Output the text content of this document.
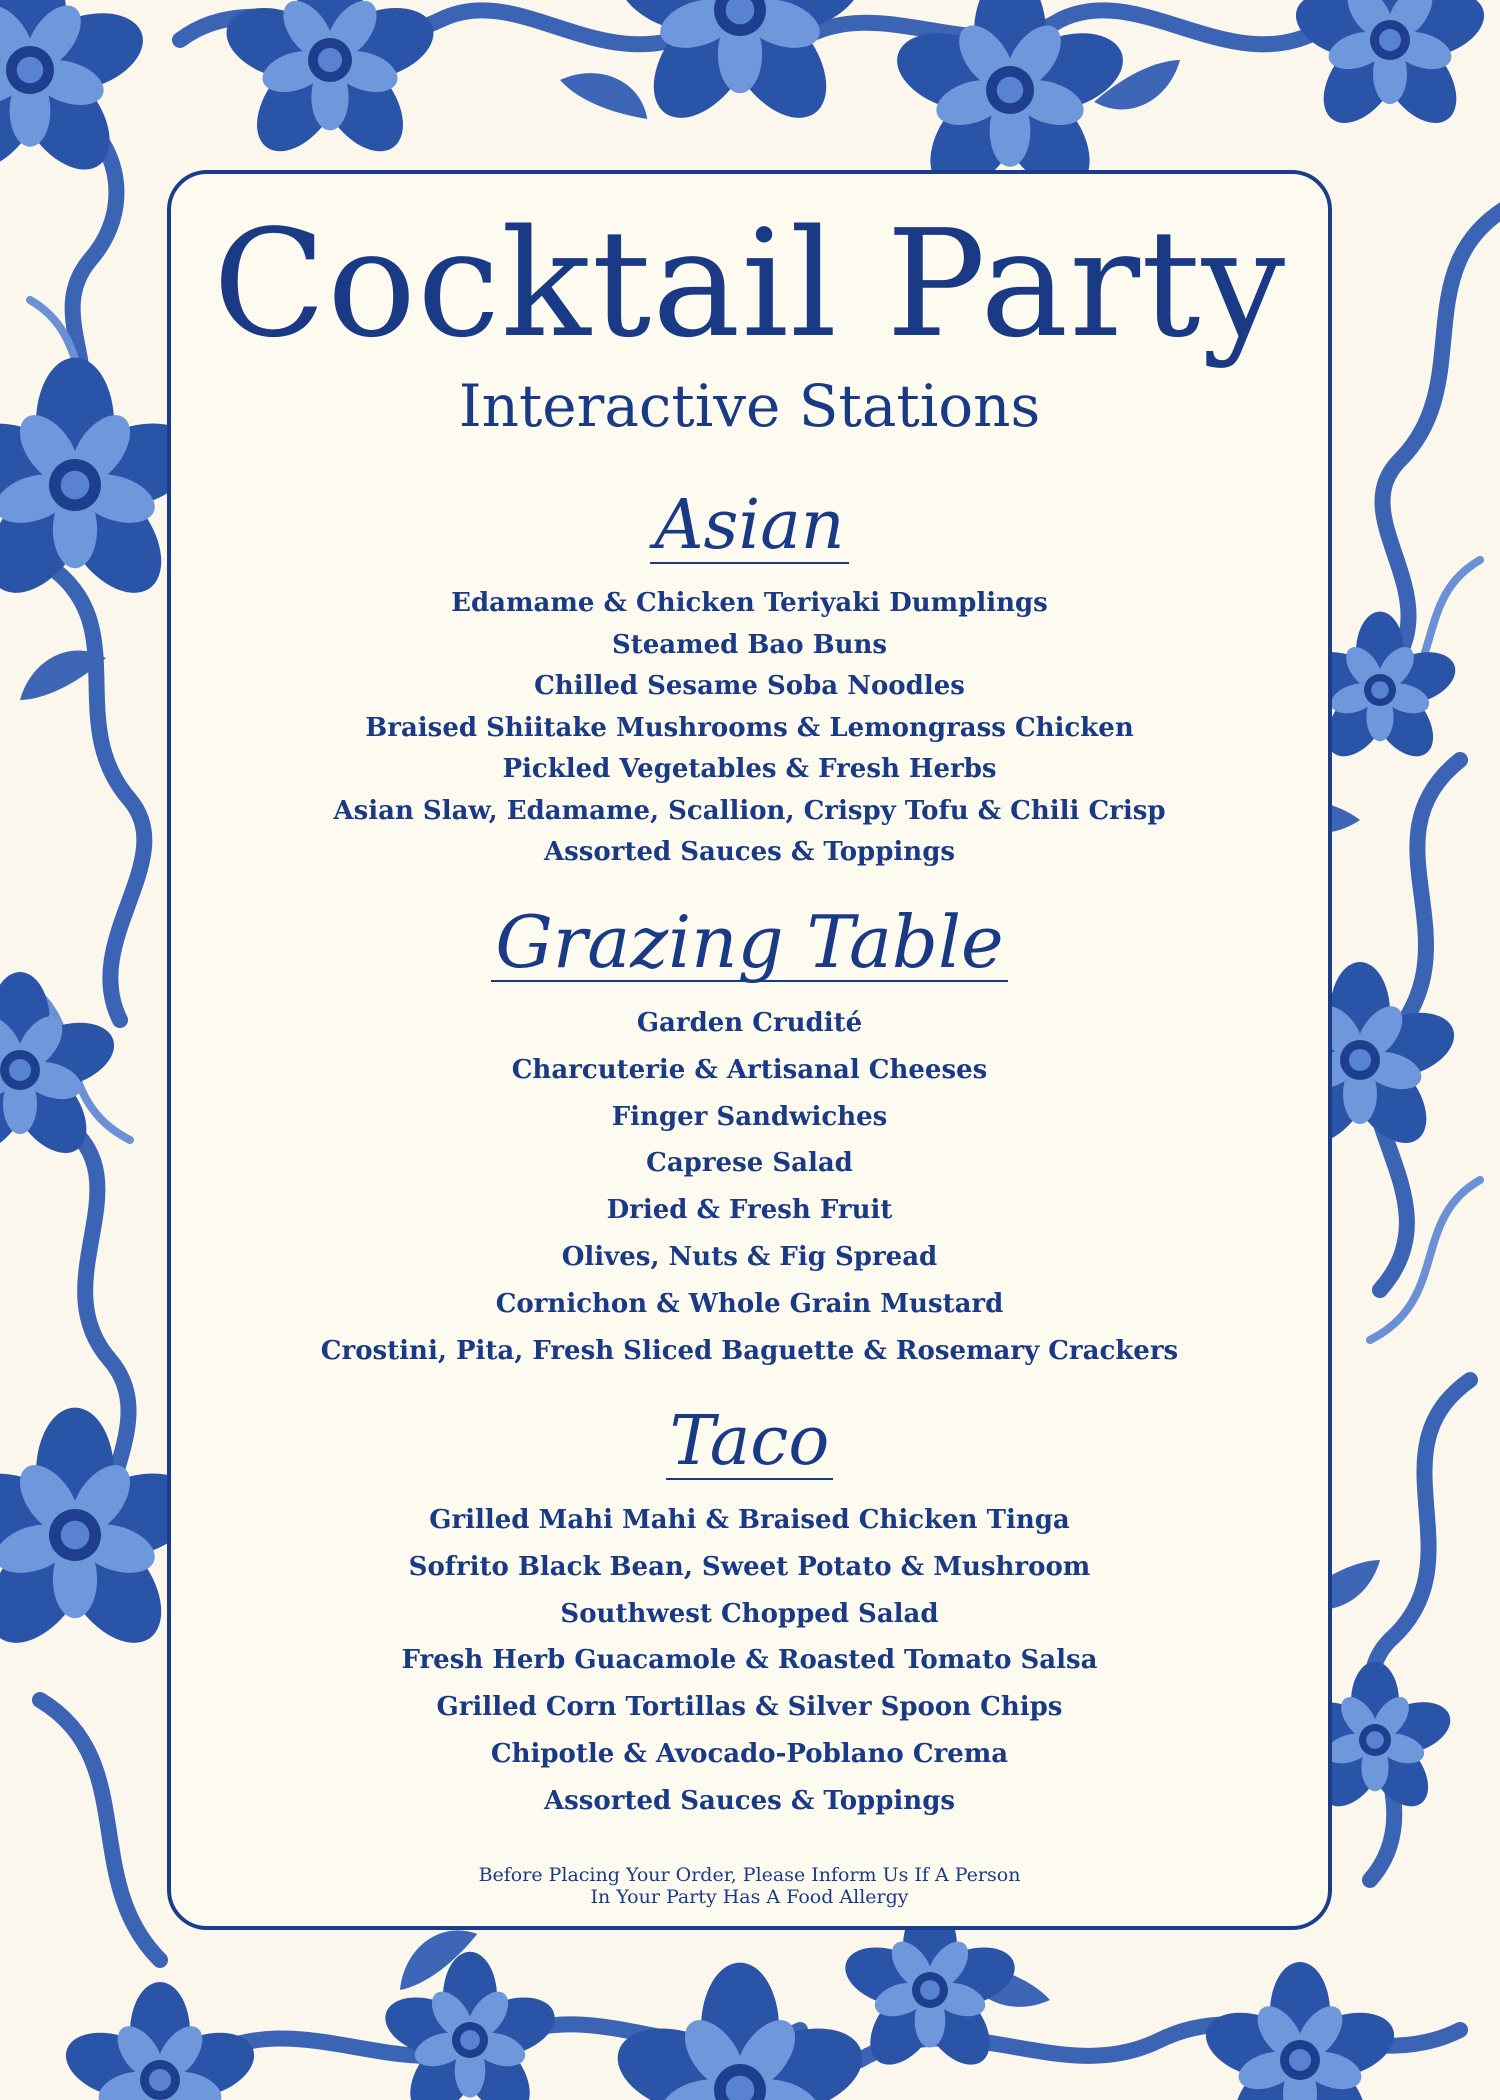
Cocktail Party
Interactive Stations
Asian
Edamame & Chicken Teriyaki Dumplings
Steamed Bao Buns
Chilled Sesame Soba Noodles
Braised Shiitake Mushrooms & Lemongrass Chicken
Pickled Vegetables & Fresh Herbs
Asian Slaw, Edamame, Scallion, Crispy Tofu & Chili Crisp
Assorted Sauces & Toppings
Grazing Table
Garden Crudité
Charcuterie & Artisanal Cheeses
Finger Sandwiches
Caprese Salad
Dried & Fresh Fruit
Olives, Nuts & Fig Spread
Cornichon & Whole Grain Mustard
Crostini, Pita, Fresh Sliced Baguette & Rosemary Crackers
Taco
Grilled Mahi Mahi & Braised Chicken Tinga
Sofrito Black Bean, Sweet Potato & Mushroom
Southwest Chopped Salad
Fresh Herb Guacamole & Roasted Tomato Salsa
Grilled Corn Tortillas & Silver Spoon Chips
Chipotle & Avocado-Poblano Crema
Assorted Sauces & Toppings
Before Placing Your Order, Please Inform Us If A Person
In Your Party Has A Food Allergy
